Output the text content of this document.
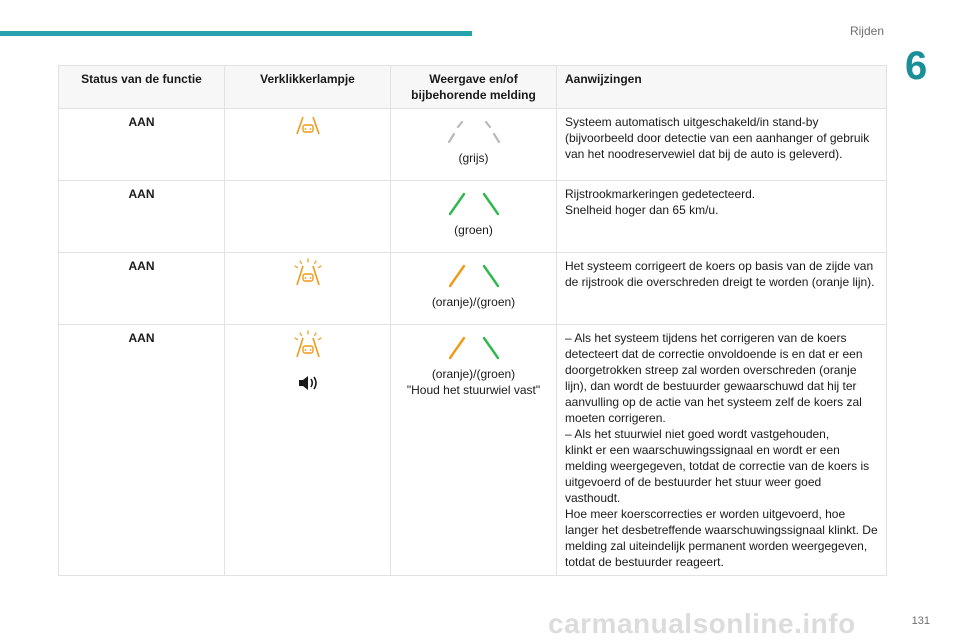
Rijden
6
Status van de functie	Verklikkerlampje	Weergave en/of bijbehorende melding	Aanwijzingen
AAN		(grijs)	Systeem automatisch uitgeschakeld/in stand-by (bijvoorbeeld door detectie van een aanhanger of gebruik van het noodreservewiel dat bij de auto is geleverd).

AAN		(groen)	Rijstrookmarkeringen gedetecteerd.
Snelheid hoger dan 65 km/u.

AAN		(oranje)/(groen)	Het systeem corrigeert de koers op basis van de zijde van de rijstrook die overschreden dreigt te worden (oranje lijn).

AAN		(oranje)/(groen)
"Houd het stuurwiel vast"	– Als het systeem tijdens het corrigeren van de koers detecteert dat de correctie onvoldoende is en dat er een doorgetrokken streep zal worden overschreden (oranje lijn), dan wordt de bestuurder gewaarschuwd dat hij ter aanvulling op de actie van het systeem zelf de koers zal moeten corrigeren.
– Als het stuurwiel niet goed wordt vastgehouden,
klinkt er een waarschuwingssignaal en wordt er een melding weergegeven, totdat de correctie van de koers is uitgevoerd of de bestuurder het stuur weer goed vasthoudt.
Hoe meer koerscorrecties er worden uitgevoerd, hoe langer het desbetreffende waarschuwingssignaal klinkt. De melding zal uiteindelijk permanent worden weergegeven, totdat de bestuurder reageert.
carmanualsonline.info	131
